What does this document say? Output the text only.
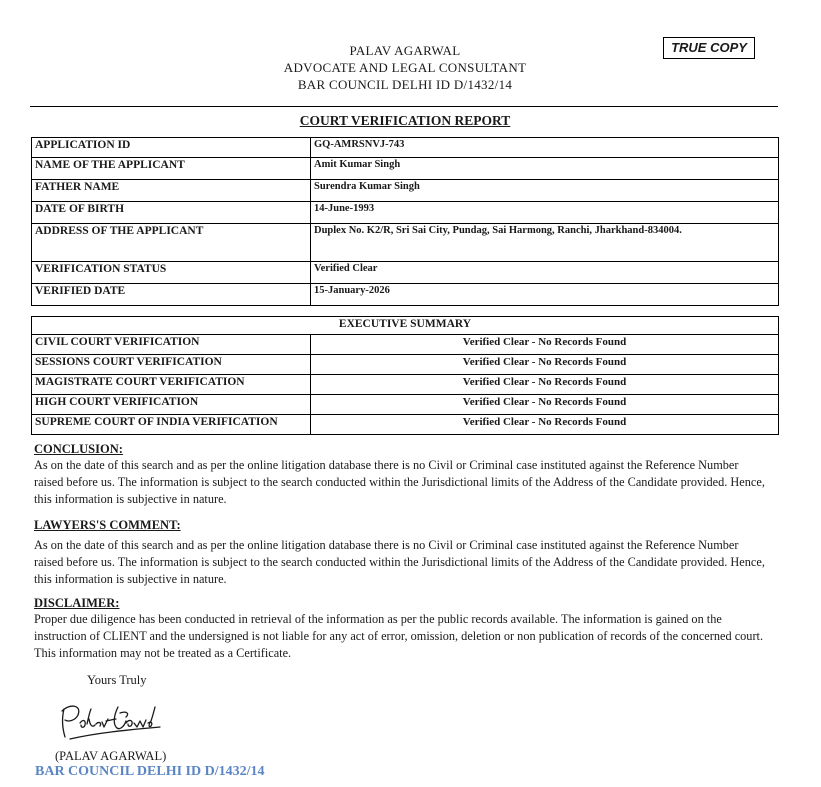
PALAV AGARWAL
ADVOCATE AND LEGAL CONSULTANT
BAR COUNCIL DELHI ID D/1432/14
TRUE COPY
COURT VERIFICATION REPORT
APPLICATION ID	GQ-AMRSNVJ-743
NAME OF THE APPLICANT	Amit Kumar Singh
FATHER NAME	Surendra Kumar Singh
DATE OF BIRTH	14-June-1993
ADDRESS OF THE APPLICANT	Duplex No. K2/R, Sri Sai City, Pundag, Sai Harmong, Ranchi, Jharkhand-834004.
VERIFICATION STATUS	Verified Clear
VERIFIED DATE	15-January-2026
EXECUTIVE SUMMARY	
CIVIL COURT VERIFICATION	Verified Clear - No Records Found
SESSIONS COURT VERIFICATION	Verified Clear - No Records Found
MAGISTRATE COURT VERIFICATION	Verified Clear - No Records Found
HIGH COURT VERIFICATION	Verified Clear - No Records Found
SUPREME COURT OF INDIA VERIFICATION	Verified Clear - No Records Found
CONCLUSION:
As on the date of this search and as per the online litigation database there is no Civil or Criminal case instituted against the Reference Number raised before us. The information is subject to the search conducted within the Jurisdictional limits of the Address of the Candidate provided. Hence, this information is subjective in nature.
LAWYERS'S COMMENT:
As on the date of this search and as per the online litigation database there is no Civil or Criminal case instituted against the Reference Number raised before us. The information is subject to the search conducted within the Jurisdictional limits of the Address of the Candidate provided. Hence, this information is subjective in nature.
DISCLAIMER:
Proper due diligence has been conducted in retrieval of the information as per the public records available. The information is gained on the instruction of CLIENT and the undersigned is not liable for any act of error, omission, deletion or non publication of records of the concerned court. This information may not be treated as a Certificate.
Yours Truly
(PALAV AGARWAL)
BAR COUNCIL DELHI ID D/1432/14
